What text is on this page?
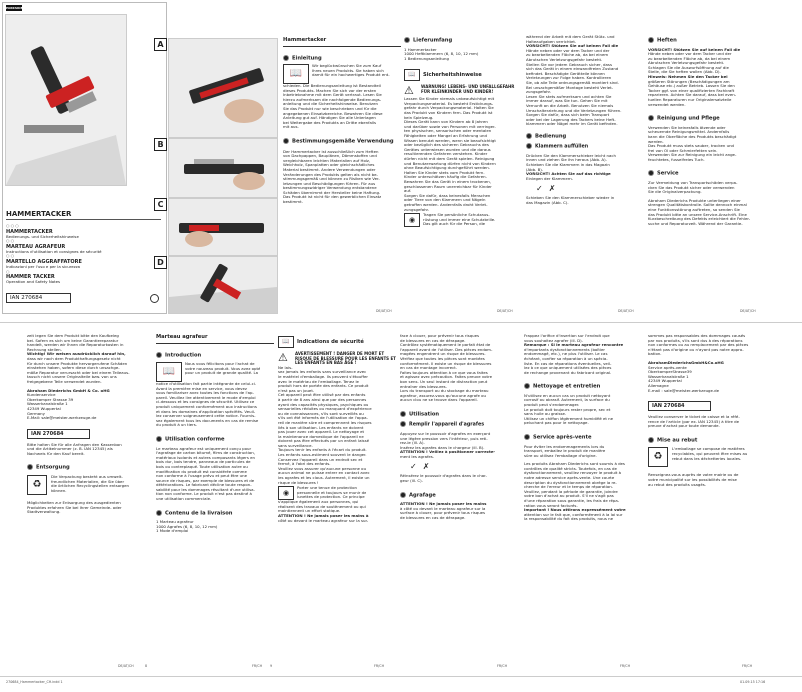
PARKSIDE
A
B
C
D
HAMMERTACKER
○ ○ ○
HAMMERTACKER
Bedienungs- und Sicherheitshinweise
○ ○
MARTEAU AGRAFEUR
Instructions d'utilisation et consignes de sécurité
○ ○
MARTELLO AGGRAFFATORE
Indicazioni per l'uso e per la sicurezza
○
HAMMER TACKER
Operation and Safety Notes
IAN 270684
Hammertacker
Einleitung
📖
Wir beglückwünschen Sie zum Kauf
Ihres neuen Produkts. Sie haben sich
damit für ein hochwertiges Produkt ent-
schieden. Die Bedienungsanleitung ist Bestandteil
dieses Produkts. Machen Sie sich vor der ersten
Inbetriebnahme mit dem Gerät vertraut. Lesen Sie
hierzu aufmerksam die nachfolgende Bedienungs-
anleitung und die Sicherheitshinweise. Benutzen
Sie das Produkt nur wie beschrieben und für die
angegebenen Einsatzbereiche. Bewahren Sie diese
Anleitung gut auf. Händigen Sie alle Unterlagen
bei Weitergabe des Produkts an Dritte ebenfalls
mit aus.
Bestimmungsgemäße Verwendung
Der Hammertacker ist ausschließlich zum Heften
von Dachpappen, Bauplänen, Dämmstoffen und
vergleichbaren leichten Materialien auf Holz,
Weichholz, Spanplatten oder gleichschädliches
Material bestimmt. Andere Verwendungen oder
Veränderungen des Produkts gelten als nicht be-
stimmungsgemäß und können zu Risiken wie Ver-
letzungen und Beschädigungen führen. Für aus
bestimmungswidriger Verwendung entstandene
Schäden übernimmt der Hersteller keine Haftung.
Das Produkt ist nicht für den gewerblichen Einsatz
bestimmt.
Lieferumfang
1 Hammertacker
1000 Heftklammern (6, 8, 10, 12 mm)
1 Bedienungsanleitung
📖	Sicherheitshinweise
⚠	WARNUNG! LEBENS- UND UNFALLGEFAHR FÜR KLEINKINDER UND KINDER!
Lassen Sie Kinder niemals unbeaufsichtigt mit
Verpackungsmaterial. Es besteht Erstickungs-
gefahr durch Verpackungsmaterial. Halten Sie
das Produkt von Kindern fern. Das Produkt ist
kein Spielzeug.
Dieses Gerät kann von Kindern ab 8 Jahren
und darüber sowie von Personen mit verringer-
ten physischen, sensorischen oder mentalen
Fähigkeiten oder Mangel an Erfahrung und
Wissen benutzt werden, wenn sie beaufsichtigt
oder bezüglich des sicheren Gebrauchs des
Gerätes unterwiesen wurden und die daraus
resultierenden Gefahren verstehen. Kinder
dürfen nicht mit dem Gerät spielen. Reinigung
und Benutzerwartung dürfen nicht von Kindern
ohne Beaufsichtigung durchgeführt werden.
Halten Sie Kinder stets vom Produkt fern.
Kinder unterschätzen häufig die Gefahren.
Bewahren Sie das Gerät in einem trockenen,
geschlossenen Raum unerreichbar für Kinder
auf.
Sorgen Sie dafür, dass keinesfalls Menschen
oder Tiere von den Klammern und Nägeln
getroffen werden. Andernfalls droht Verlet-
zungsgefahr.
◉
Tragen Sie persönliche Schutzaus-
rüstung und immer eine Schutzbrille.
Das gilt auch für die Person, die
während der Arbeit mit dem Gerät Stütz- und
Halteaufgaben verrichtet.
VORSICHT! Stützen Sie auf keinen Fall die
Hände neben oder vor dem Tacker und der
zu bearbeitenden Fläche ab, da bei einem
Abrutschen Verletzungsgefahr besteht.
Stellen Sie vor jedem Gebrauch sicher, dass
sich das Gerät in einem einwandfreien Zustand
befindet. Beschädigte Gerätteile können
Verletzungen zur Folge haben. Kontrollieren
Sie, ob alle Teile ordnungsgemäß montiert sind.
Bei unsachgemäßer Montage besteht Verlet-
zungsgefahr.
Lesen Sie stets aufmerksam und achten Sie
immer darauf, was Sie tun. Gehen Sie mit
Vernunft an die Arbeit. Benutzen Sie niemals
Umschalterziehung und die Verletzungen führen.
Sorgen Sie dafür, dass sich beim Transport
oder bei der Lagerung des Tackers keine Heft-
klammern oder Nägel mehr im Gerät befinden.
Bedienung
Klammern auffüllen
Drücken Sie den Klammerschieber leicht nach
innen und ziehen Sie ihn heraus (Abb. A).
Schieben Sie die Klammern in das Magazin
(Abb. B).
VORSICHT! Achten Sie auf das richtige
Einlegen der Klammern.
✓✗
Schieben Sie den Klammerschieber wieder in
das Magazin (Abb. C).
Heften
VORSICHT! Stützen Sie auf keinen Fall die
Hände neben oder vor dem Tacker und der
zu bearbeitenden Fläche ab, da bei einem
Abrutschen Verletzungsgefahr besteht.
Schlagen Sie die Auswurfsöffnung auf die
Stelle, die Sie heften wollen (Abb. D).
Hinweis: Nehmen Sie den Tacker bei
größeren Störungen (Beschädigungen am
Gehäuse etc.) außer Betrieb. Lassen Sie den
Tacker ggf. von einer qualifizierten Fachkraft
reparieren. Achten Sie darauf, dass bei even-
tuellen Reparaturen nur Originalersatzteile
verwendet werden.
Reinigung und Pflege
Verwenden Sie keinesfalls ätzende oder
scheuernde Reinigungsmittel. Andernfalls
kann die Oberfläche des Produkts beschädigt
werden.
Das Produkt muss stets sauber, trocken und
frei von Öl oder Schmierfetten sein.
Verwenden Sie zur Reinigung ein leicht ange-
feuchtetes, fusselfreies Tuch.
Service
Zur Vermeidung von Transportschäden verpa-
cken Sie das Produkt sicher oder verwenden
Sie die Originalverpackung.
Abraham Diederichs Produkte unterliegen einer
strengen Qualitätskontrolle. Sollte dennoch einmal
eine Funktionsstörung auftreten, so senden Sie
das Produkt bitte an unsere Service-Anschrift. Eine
Kurzbeschreibung des Defekts erleichtert die Fehler-
suche und Reparaturzeit. Während der Garantie-
DE/AT/CH	DE/AT/CH	DE/AT/CH	DE/AT/CH
zeit legen Sie dem Produkt bitte den Kaufbeleg
bei. Sofern es sich um keine Garantiereparatur
handelt, werden wir Ihnen die Reparaturkosten in
Rechnung stellen.
Wichtig! Wir weisen ausdrücklich darauf hin,
dass wir nach dem Produkthaftungsgesetz nicht
für durch unsere Produkte hervorgerufene Schäden
einstehen haben, sofern diese durch unsachge-
mäße Reparatur verursacht oder bei einem Teileaus-
tausch nicht unsere Originalteile bzw. von uns
freigegebene Teile verwendet wurden.
Abraham Diederichs GmbH & Co. oHG
Kundenservice
Oberkamper Strasse 39
Wasserkanalstraße 1
42349 Wuppertal
Germany
E-Mail: sale@meister-werkzeuge.de
IAN 270684
Bitte halten Sie für alle Anfragen den Kassenbon
und die Artikelnummer (z. B. IAN 12345) als
Nachweis für den Kauf bereit.
Entsorgung
♻
Die Verpackung besteht aus umwelt-
freundlichen Materialien, die Sie über
die örtlichen Recyclingstellen entsorgen
können.
Möglichkeiten zur Entsorgung des ausgedienten
Produktes erfahren Sie bei Ihrer Gemeinde- oder
Stadtverwaltung.
Marteau agrafeur
Introduction
📖
Nous vous félicitons pour l'achat de
votre nouveau produit. Vous avez opté
pour un produit de grande qualité. La
notice d'utilisation fait partie intégrante de celui-ci.
Avant la première mise en service, vous devez
vous familiariser avec toutes les fonctions de l'ap-
pareil. Veuillez lire attentivement le mode d'emploi
ci-dessous et les consignes de sécurité. Utilisez ce
produit uniquement conformément aux instructions
et dans les domaines d'application spécifiés. Veuil-
lez conserver soigneusement cette notice. Fournis-
sez également tous les documents en cas de remise
du produit à un tiers.
Utilisation conforme
Le marteau agrafeur est uniquement conçu pour
l'agrafage de carton bitumé, films de construction,
matériaux isolants et autres composants légers en
bois dur, bois tendre, panneaux de particules de
bois ou contreplaqué. Toute utilisation autre ou
modification du produit est considérée comme
non conforme à l'usage prévu et peut être une
source de risques, par exemple de blessures et de
détériorations. Le fabricant décline toute respon-
sabilité pour les dommages résultant d'une utilisa-
tion non conforme. Le produit n'est pas destiné à
une utilisation commerciale.
Contenu de la livraison
1 Marteau agrafeur
1000 Agrafes (6, 8, 10, 12 mm)
1 Mode d'emploi
📖	Indications de sécurité
⚠	AVERTISSEMENT ! DANGER DE MORT ET RISQUE DE BLESSURE POUR LES ENFANTS ET LES ENFANTS EN BAS ÂGE !
Ne lais-
sez jamais les enfants sans surveillance avec
le matériel d'emballage. Ils peuvent s'étouffer
avec le matériau de l'emballage. Tenez le
produit hors de portée des enfants. Ce produit
n'est pas un jouet.
Cet appareil peut être utilisé par des enfants
à partir de 8 ans ainsi que par des personnes
ayant des capacités physiques, psychiques ou
sensorielles réduites ou manquant d'expérience
ou de connaissances, s'ils sont surveillés ou
s'ils ont été informés de l'utilisation de l'appa-
reil de manière sûre et comprennent les risques
liés à son utilisation. Les enfants ne doivent
pas jouer avec cet appareil. Le nettoyage et
la maintenance domestique de l'appareil ne
doivent pas être effectués par un enfant laissé
sans surveillance.
Toujours tenir les enfants à l'écart du produit.
Les enfants sous-estiment souvent le danger.
Conservez l'appareil dans un endroit sec et
fermé, à l'abri des enfants.
Veuillez vous assurer qu'aucune personne ou
aucun animal ne puisse entrer en contact avec
les agrafes et les clous. Autrement, il existe un
risque de blessures !
◉
Porter une tenue de protection
personnelle et toujours se munir de
lunettes de protection. Ce principe
s'applique également aux personnes, qui
réalisent des travaux de soutènement ou qui
maintiennent un effort statique.
ATTENTION ! Ne jamais poser les mains à
côté ou devant le marteau agrafeur sur la sur-
face à clouer, pour prévenir tous risques
de blessures en cas de dérapage.
Contrôlez systématiquement le parfait état de
l'appareil avant de l'utiliser. Des pièces endom-
magées engendrent un risque de blessures.
Vérifiez que toutes les pièces sont montées
conformément. Il existe un risque de blessures
en cas de montage incorrect.
Faites toujours attention à ce que vous faites
et agissez avec précaution. Faites preuve votre
bon sens. Un seul instant de distraction peut
entraîner des blessures.
Lors du transport ou du stockage du marteau
agrafeur, assurez-vous qu'aucune agrafe ou
aucun clou ne se trouve dans l'appareil.
Utilisation
Remplir l'appareil d'agrafes
Appuyez sur le poussoir d'agrafes en exerçant
une légère pression vers l'intérieur, puis reti-
rez-le (ill. A).
Insérez les agrafes dans le chargeur (ill. B).
ATTENTION ! Veillez à positionner correcte-
ment les agrafes.
✓✗
Réinsérez le poussoir d'agrafes dans le char-
geur (ill. C).
Agrafage
ATTENTION ! Ne jamais poser les mains
à côté ou devant le marteau agrafeur sur la
surface à clouer, pour prévenir tous risques
de blessures en cas de dérapage.
Frappez l'orifice d'insertion sur l'endroit que
vous souhaitez agrafer (ill. D).
Remarque : Si le marteau agrafeur rencontre
d'importants dysfonctionnements (boîtier
endommagé, etc.), ne plus l'utiliser. Le cas
échéant, confier sa réparation à un spécia-
liste. En cas de réparations éventuelles, veil-
lez à ce que uniquement utilisées des pièces
de rechange provenant du fabricant original.
Nettoyage et entretien
N'utilisez en aucun cas un produit nettoyant
corrosif ou abrasif. Autrement, la surface du
produit peut s'endommager.
Le produit doit toujours rester propre, sec et
sans huile ou graisse.
Utilisez un chiffon légèrement humidifié et ne
peluchant pas pour le nettoyage.
Service après-vente
Pour éviter les endommagements lors du
transport, emballez le produit de manière
sûre ou utilisez l'emballage d'origine.
Les produits Abraham Diederichs sont soumis à des
contrôles de qualité stricts. Toutefois, en cas de
dysfonctionnement, veuillez renvoyer le produit à
notre adresse service après-vente. Une courte
description du dysfonctionnement abrège la re-
cherche de l'erreur et le temps de réparation.
Veuillez, pendant la période de garantie, joindre
votre bon d'achat au produit. S'il ne s'agit pas
d'une réparation sous garantie, les frais de répa-
ration vous seront facturés.
Important ! Nous attirons expressément votre
attention sur le fait que, conformément à la loi sur
la responsabilité du fait des produits, nous ne
sommes pas responsables des dommages causés
par nos produits, s'ils sont dus à des réparations
non conformes ou au remplacement par des pièces
n'étant pas d'origine ou n'ayant pas notre appro-
bation.
AbrahamDiederichsGmbH&Co.oHG
Service après-vente
OberkamperStrasse39
Wasserkanalstraße 1
42349 Wuppertal
Allemagne
E-mail : sale@meister-werkzeuge.de
IAN 270684
Veuillez conserver le ticket de caisse et la réfé-
rence de l'article (par ex. IAN 12345) à titre de
preuve d'achat pour toute demande.
Mise au rebut
♻
L'emballage se compose de matières
recyclables, qui peuvent être mises au
rebut dans les déchetteries locales.
Renseignez-vous auprès de votre mairie ou de
votre municipalité sur les possibilités de mise
au rebut des produits usagés.
DE/AT/CH	FR/CH	FR/CH	FR/CH	FR/CH	FR/CH
8	9
270684_Hammertacker_CH.indd 1	01.09.15 17:16
